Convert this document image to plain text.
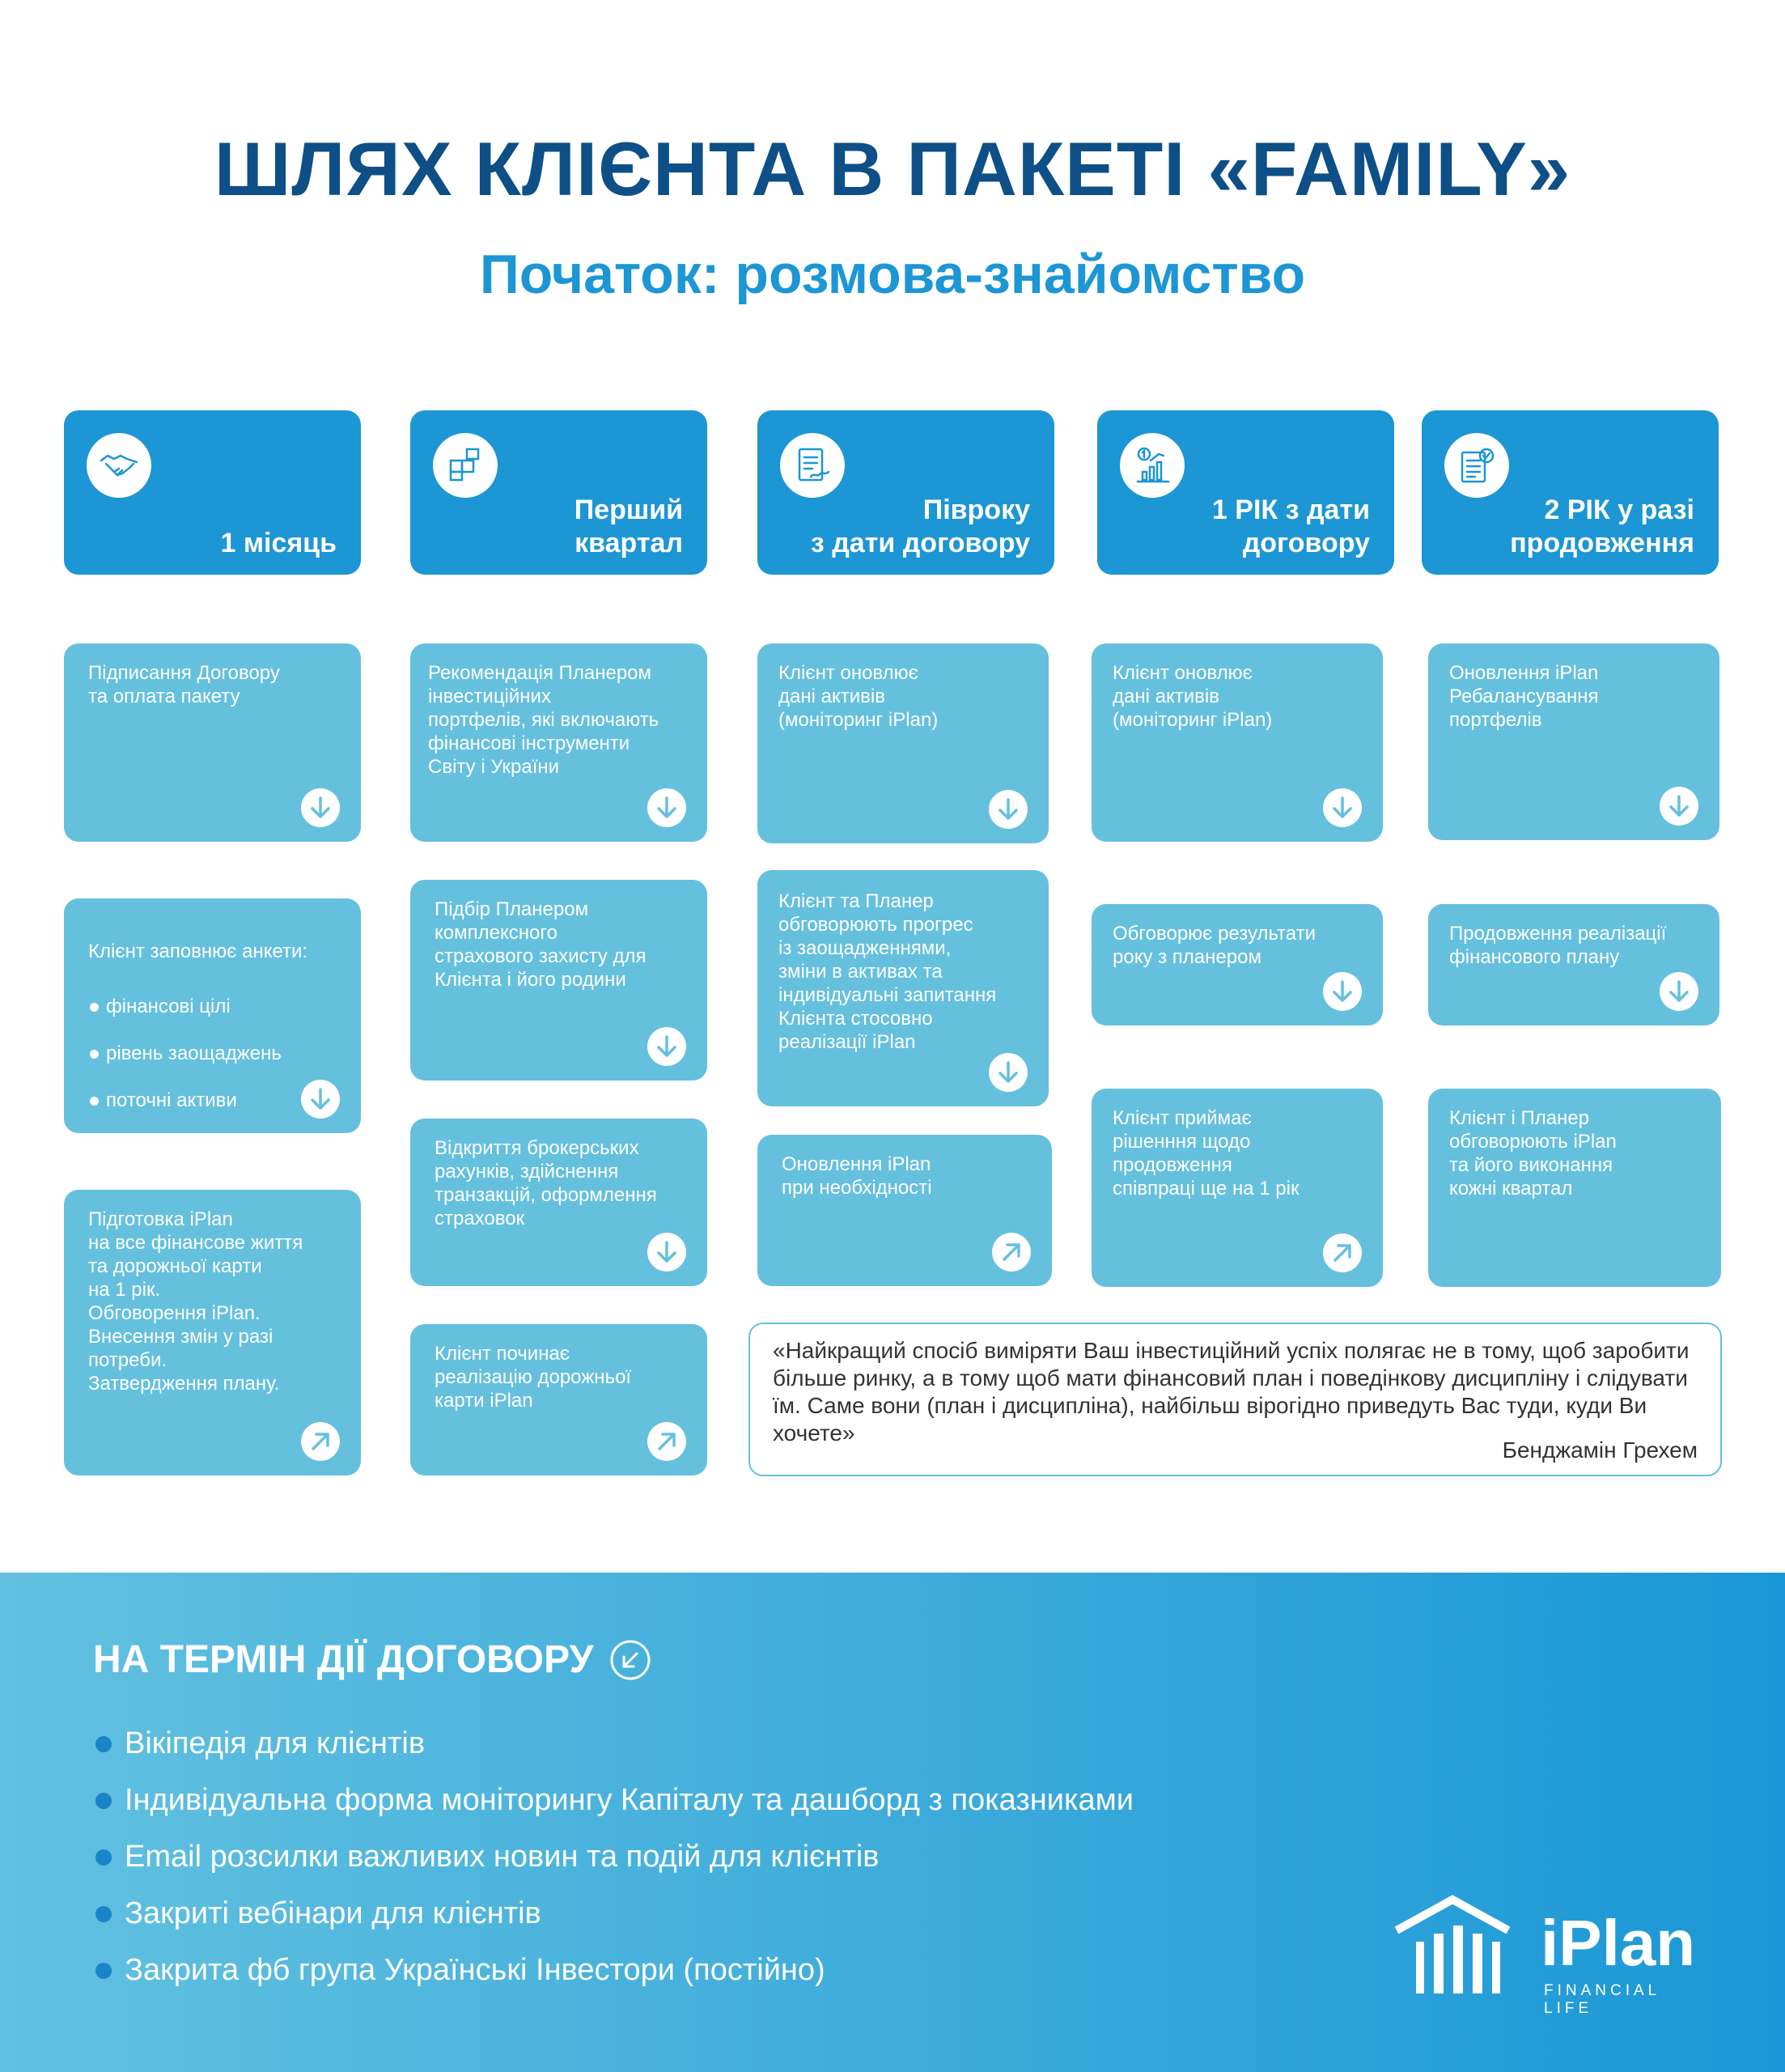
ШЛЯХ КЛІЄНТА В ПАКЕТІ «FAMILY»
Початок: розмова-знайомство
1 місяць
Перший
квартал
Півроку
з дати договору
1 РІК з дати
договору
2 РІК у разі
продовження
Підписання Договору
та оплата пакету

Клієнт заповнює анкети:

фінансові цілі

рівень заощаджень

поточні активи

схильність до ризику

Підготовка iPlan
на все фінансове життя
та дорожньої карти
на 1 рік.
Обговорення iPlan.
Внесення змін у разі
потреби.
Затвердження плану.
Рекомендація Планером
інвестиційних
портфелів, які включають
фінансові інструменти
Світу і України
Підбір Планером
комплексного
страхового захисту для
Клієнта і його родини
Відкриття брокерських
рахунків, здійснення
транзакцій, оформлення
страховок
Клієнт починає
реалізацію дорожньої
карти iPlan
Клієнт оновлює
дані активів
(моніторинг iPlan)
Клієнт та Планер
обговорюють прогрес
із заощадженнями,
зміни в активах та
індивідуальні запитання
Клієнта стосовно
реалізації iPlan
Оновлення iPlan
при необхідності
Клієнт оновлює
дані активів
(моніторинг iPlan)
Обговорює результати
року з планером
Клієнт приймає
рішенння щодо
продовження
співпраці ще на 1 рік
Оновлення iPlan
Ребалансування
портфелів
Продовження реалізації
фінансового плану
Клієнт і Планер
обговорюють iPlan
та його виконання
кожні квартал
«Найкращий спосіб виміряти Ваш інвестиційний успіх полягає не в тому, щоб заробити більше ринку, а в тому щоб мати фінансовий план і поведінкову дисципліну і слідувати їм. Саме вони (план і дисципліна), найбільш вірогідно приведуть Вас туди, куди Ви хочете»
Бенджамін Грехем
НА ТЕРМІН ДІЇ ДОГОВОРУ
Вікіпедія для клієнтів
Індивідуальна форма моніторингу Капіталу та дашборд з показниками
Email розсилки важливих новин та подій для клієнтів
Закриті вебінари для клієнтів
Закрита фб група Українські Інвестори (постійно)	iPlan
FINANCIAL LIFE
